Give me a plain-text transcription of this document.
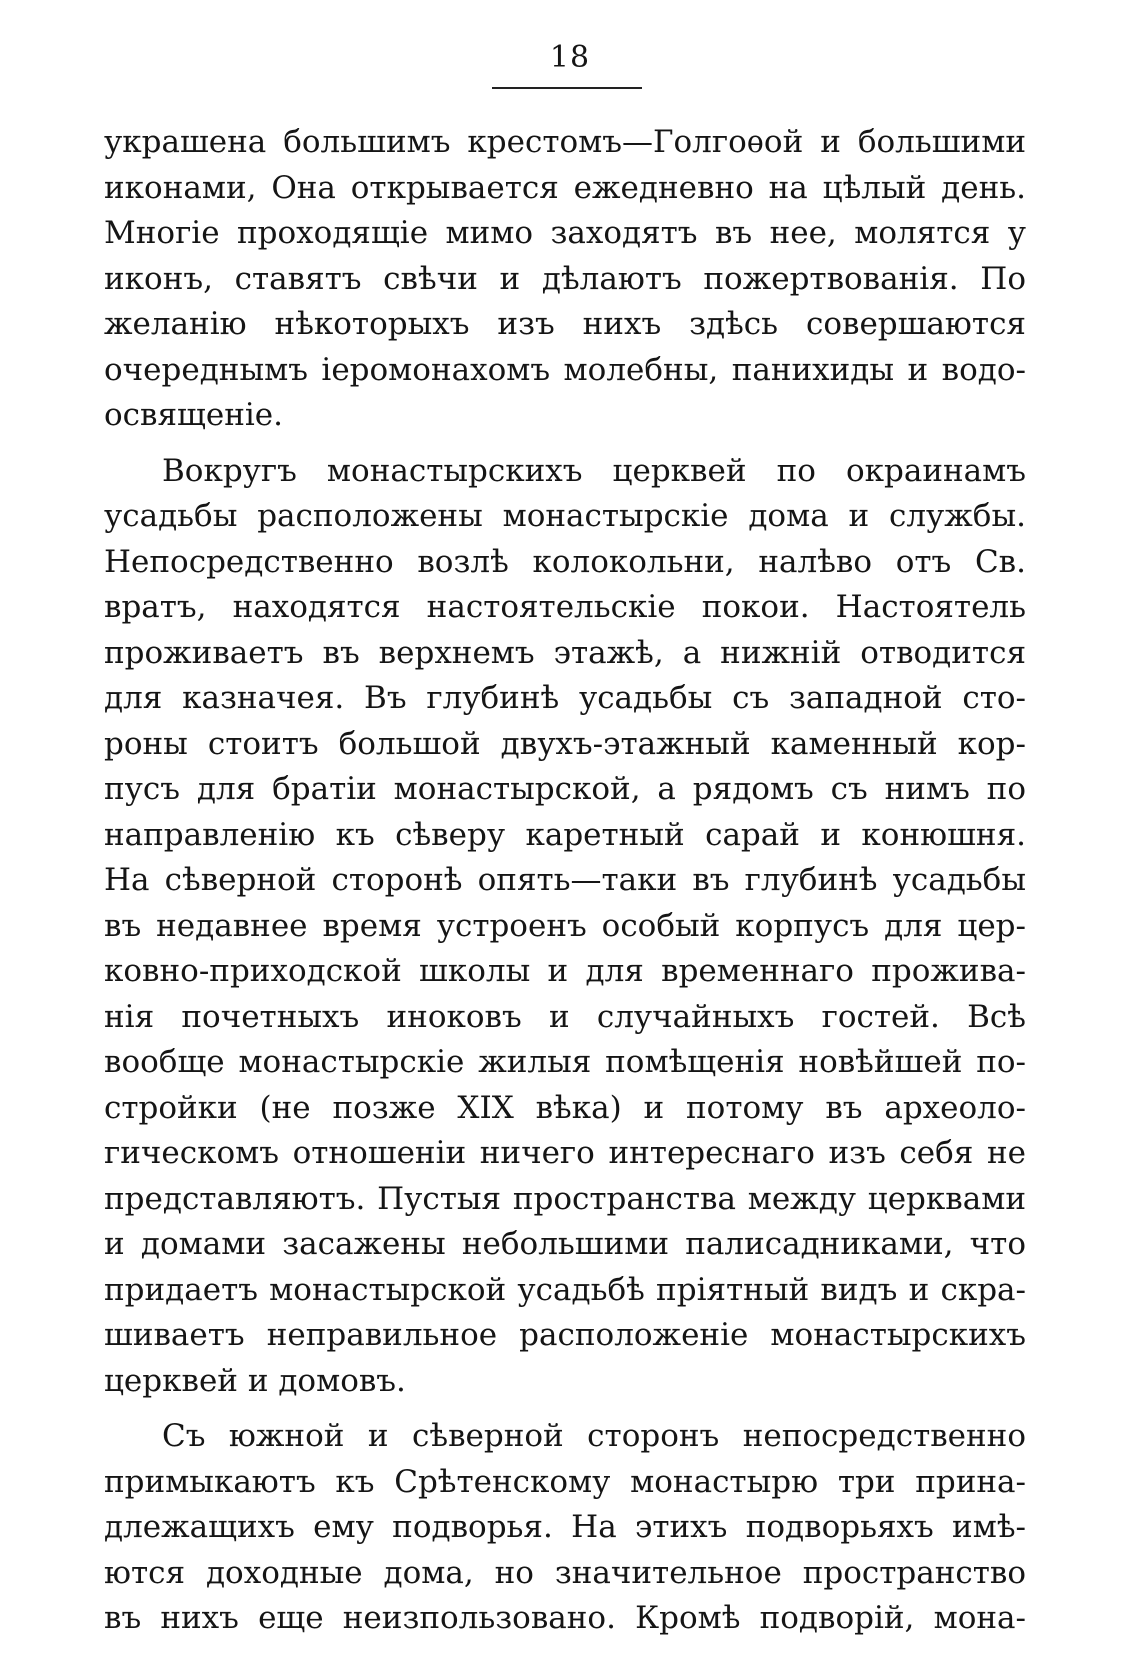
18
украшена большимъ крестомъ—Голгоѳой и большими
иконами, Она открывается ежедневно на цѣлый день.
Многiе проходящiе мимо заходятъ въ нее, молятся у
иконъ, ставятъ свѣчи и дѣлаютъ пожертвованiя. По
желанiю нѣкоторыхъ изъ нихъ здѣсь совершаются
очереднымъ iеромонахомъ молебны, панихиды и водо-
освященiе.
Вокругъ монастырскихъ церквей по окраинамъ
усадьбы расположены монастырскiе дома и службы.
Непосредственно возлѣ колокольни, налѣво отъ Св.
вратъ, находятся настоятельскiе покои. Настоятель
проживаетъ въ верхнемъ этажѣ, а нижнiй отводится
для казначея. Въ глубинѣ усадьбы съ западной сто-
роны стоитъ большой двухъ-этажный каменный кор-
пусъ для братiи монастырской, а рядомъ съ нимъ по
направленiю къ сѣверу каретный сарай и конюшня.
На сѣверной сторонѣ опять—таки въ глубинѣ усадьбы
въ недавнее время устроенъ особый корпусъ для цер-
ковно-приходской школы и для временнаго прожива-
нiя почетныхъ иноковъ и случайныхъ гостей. Всѣ
вообще монастырскiе жилыя помѣщенiя новѣйшей по-
стройки (не позже XIX вѣка) и потому въ археоло-
гическомъ отношенiи ничего интереснаго изъ себя не
представляютъ. Пустыя пространства между церквами
и домами засажены небольшими палисадниками, что
придаетъ монастырской усадьбѣ прiятный видъ и скра-
шиваетъ неправильное расположенiе монастырскихъ
церквей и домовъ.
Съ южной и сѣверной сторонъ непосредственно
примыкаютъ къ Срѣтенскому монастырю три прина-
длежащихъ ему подворья. На этихъ подворьяхъ имѣ-
ются доходные дома, но значительное пространство
въ нихъ еще неизпользовано. Кромѣ подворiй, мона-
